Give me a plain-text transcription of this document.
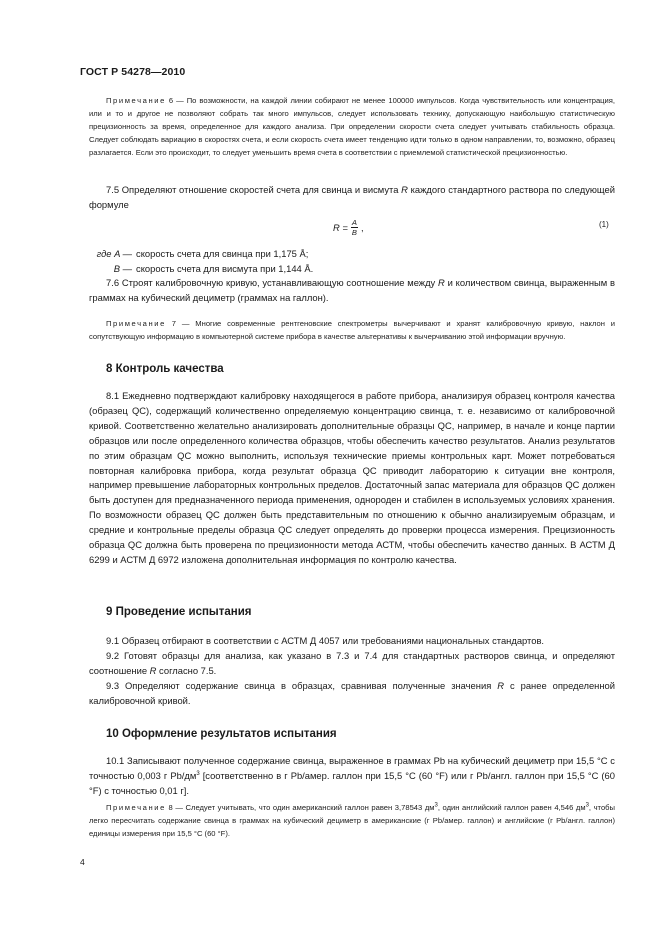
ГОСТ Р 54278—2010
Примечание 6 — По возможности, на каждой линии собирают не менее 100000 импульсов. Когда чувствительность или концентрация, или и то и другое не позволяют собрать так много импульсов, следует использовать технику, допускающую наибольшую статистическую прецизионность за время, определенное для каждого анализа. При определении скорости счета следует учитывать стабильность образца. Следует соблюдать вариацию в скоростях счета, и если скорость счета имеет тенденцию идти только в одном направлении, то, возможно, образец разлагается. Если это происходит, то следует уменьшить время счета в соответствии с приемлемой статистической прецизионностью.
7.5 Определяют отношение скоростей счета для свинца и висмута R каждого стандартного раствора по следующей формуле
$R = \frac{A}{B}$ ,	(1)
где A — скорость счета для свинца при 1,175 Å;
B — скорость счета для висмута при 1,144 Å.
7.6 Строят калибровочную кривую, устанавливающую соотношение между R и количеством свинца, выраженным в граммах на кубический дециметр (граммах на галлон).
Примечание 7 — Многие современные рентгеновские спектрометры вычерчивают и хранят калибровочную кривую, наклон и сопутствующую информацию в компьютерной системе прибора в качестве альтернативы к вычерчиванию этой информации вручную.
8 Контроль качества
8.1 Ежедневно подтверждают калибровку находящегося в работе прибора, анализируя образец контроля качества (образец QC), содержащий количественно определяемую концентрацию свинца, т. е. независимо от калибровочной кривой. Соответственно желательно анализировать дополнительные образцы QC, например, в начале и конце партии образцов или после определенного количества образцов, чтобы обеспечить качество результатов. Анализ результатов по этим образцам QC можно выполнить, используя технические приемы контрольных карт. Может потребоваться повторная калибровка прибора, когда результат образца QC приводит лабораторию к ситуации вне контроля, например превышение лабораторных контрольных пределов. Достаточный запас материала для образцов QC должен быть доступен для предназначенного периода применения, однороден и стабилен в используемых условиях хранения. По возможности образец QC должен быть представительным по отношению к обычно анализируемым образцам, и средние и контрольные пределы образца QC следует определять до проверки процесса измерения. Прецизионность образца QC должна быть проверена по прецизионности метода АСТМ, чтобы обеспечить качество данных. В АСТМ Д 6299 и АСТМ Д 6972 изложена дополнительная информация по контролю качества.
9 Проведение испытания

9.1 Образец отбирают в соответствии с АСТМ Д 4057 или требованиями национальных стандартов.

9.2 Готовят образцы для анализа, как указано в 7.3 и 7.4 для стандартных растворов свинца, и определяют соотношение R согласно 7.5.

9.3 Определяют содержание свинца в образцах, сравнивая полученные значения R с ранее определенной калибровочной кривой.

10 Оформление результатов испытания
10.1 Записывают полученное содержание свинца, выраженное в граммах Pb на кубический дециметр при 15,5 °С с точностью 0,003 г $Pb/дм^3$ [соответственно в г Pb/амер. галлон при 15,5 °С (60 °F) или г Pb/англ. галлон при 15,5 °С (60 °F) с точностью 0,01 г].
Примечание 8 — Следует учитывать, что один американский галлон равен 3,78543 $дм^3$, один английский галлон равен 4,546 $дм^3$, чтобы легко пересчитать содержание свинца в граммах на кубический дециметр в американские (г Pb/амер. галлон) и английские (г Pb/англ. галлон) единицы измерения при 15,5 °С (60 °F).
4
